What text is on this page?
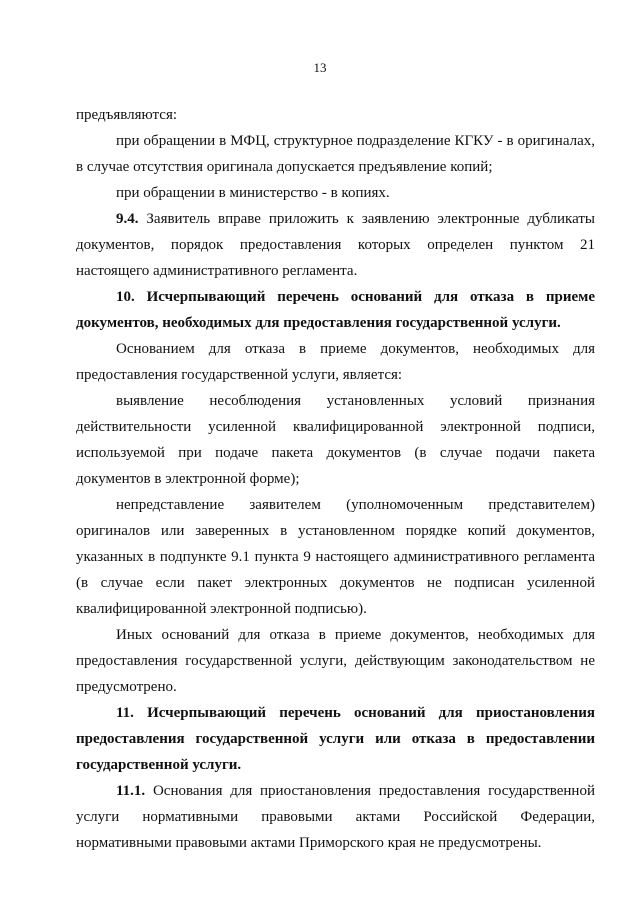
13

предъявляются:

при обращении в МФЦ, структурное подразделение КГКУ - в оригиналах, в случае отсутствия оригинала допускается предъявление копий;

при обращении в министерство - в копиях.

9.4. Заявитель вправе приложить к заявлению электронные дубликаты документов, порядок предоставления которых определен пунктом 21 настоящего административного регламента.

10. Исчерпывающий перечень оснований для отказа в приеме документов, необходимых для предоставления государственной услуги.

Основанием для отказа в приеме документов, необходимых для предоставления государственной услуги, является:

выявление несоблюдения установленных условий признания действительности усиленной квалифицированной электронной подписи, используемой при подаче пакета документов (в случае подачи пакета документов в электронной форме);

непредставление заявителем (уполномоченным представителем) оригиналов или заверенных в установленном порядке копий документов, указанных в подпункте 9.1 пункта 9 настоящего административного регламента (в случае если пакет электронных документов не подписан усиленной квалифицированной электронной подписью).

Иных оснований для отказа в приеме документов, необходимых для предоставления государственной услуги, действующим законодательством не предусмотрено.

11. Исчерпывающий перечень оснований для приостановления предоставления государственной услуги или отказа в предоставлении государственной услуги.

11.1. Основания для приостановления предоставления государственной услуги нормативными правовыми актами Российской Федерации, нормативными правовыми актами Приморского края не предусмотрены.
